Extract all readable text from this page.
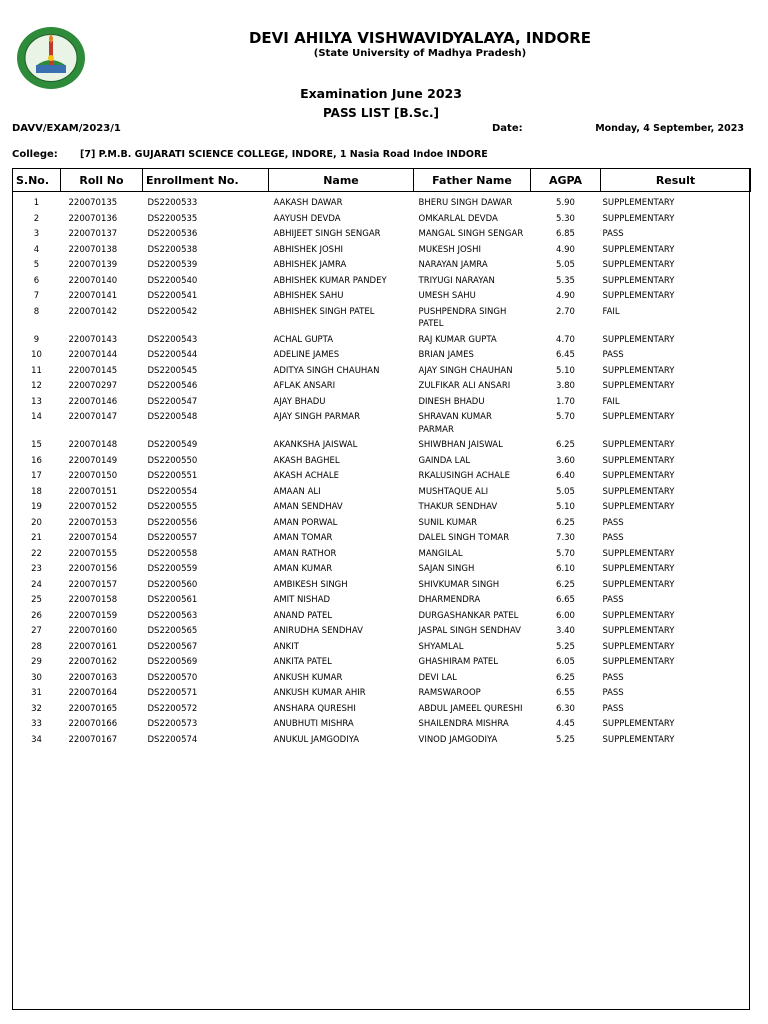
DEVI AHILYA VISHWAVIDYALAYA, INDORE
(State University of Madhya Pradesh)
Examination June 2023
PASS LIST [B.Sc.]
DAVV/EXAM/2023/1	Date:	Monday, 4 September, 2023
College: [7] P.M.B. GUJARATI SCIENCE COLLEGE, INDORE, 1 Nasia Road Indoe INDORE
S.No.	Roll No	Enrollment No.	Name	Father Name	AGPA	Result
1	220070135	DS2200533	AAKASH DAWAR	BHERU SINGH DAWAR	5.90	SUPPLEMENTARY
2	220070136	DS2200535	AAYUSH DEVDA	OMKARLAL DEVDA	5.30	SUPPLEMENTARY
3	220070137	DS2200536	ABHIJEET SINGH SENGAR	MANGAL SINGH SENGAR	6.85	PASS
4	220070138	DS2200538	ABHISHEK JOSHI	MUKESH JOSHI	4.90	SUPPLEMENTARY
5	220070139	DS2200539	ABHISHEK JAMRA	NARAYAN JAMRA	5.05	SUPPLEMENTARY
6	220070140	DS2200540	ABHISHEK KUMAR PANDEY	TRIYUGI NARAYAN	5.35	SUPPLEMENTARY
7	220070141	DS2200541	ABHISHEK SAHU	UMESH SAHU	4.90	SUPPLEMENTARY
8	220070142	DS2200542	ABHISHEK SINGH PATEL	PUSHPENDRA SINGH PATEL	2.70	FAIL
9	220070143	DS2200543	ACHAL GUPTA	RAJ KUMAR GUPTA	4.70	SUPPLEMENTARY
10	220070144	DS2200544	ADELINE JAMES	BRIAN JAMES	6.45	PASS
11	220070145	DS2200545	ADITYA SINGH CHAUHAN	AJAY SINGH CHAUHAN	5.10	SUPPLEMENTARY
12	220070297	DS2200546	AFLAK ANSARI	ZULFIKAR ALI ANSARI	3.80	SUPPLEMENTARY
13	220070146	DS2200547	AJAY BHADU	DINESH BHADU	1.70	FAIL
14	220070147	DS2200548	AJAY SINGH PARMAR	SHRAVAN KUMAR PARMAR	5.70	SUPPLEMENTARY
15	220070148	DS2200549	AKANKSHA JAISWAL	SHIWBHAN JAISWAL	6.25	SUPPLEMENTARY
16	220070149	DS2200550	AKASH BAGHEL	GAINDA LAL	3.60	SUPPLEMENTARY
17	220070150	DS2200551	AKASH ACHALE	RKALUSINGH ACHALE	6.40	SUPPLEMENTARY
18	220070151	DS2200554	AMAAN ALI	MUSHTAQUE ALI	5.05	SUPPLEMENTARY
19	220070152	DS2200555	AMAN SENDHAV	THAKUR SENDHAV	5.10	SUPPLEMENTARY
20	220070153	DS2200556	AMAN PORWAL	SUNIL KUMAR	6.25	PASS
21	220070154	DS2200557	AMAN TOMAR	DALEL SINGH TOMAR	7.30	PASS
22	220070155	DS2200558	AMAN RATHOR	MANGILAL	5.70	SUPPLEMENTARY
23	220070156	DS2200559	AMAN KUMAR	SAJAN SINGH	6.10	SUPPLEMENTARY
24	220070157	DS2200560	AMBIKESH SINGH	SHIVKUMAR SINGH	6.25	SUPPLEMENTARY
25	220070158	DS2200561	AMIT NISHAD	DHARMENDRA	6.65	PASS
26	220070159	DS2200563	ANAND PATEL	DURGASHANKAR PATEL	6.00	SUPPLEMENTARY
27	220070160	DS2200565	ANIRUDHA SENDHAV	JASPAL SINGH SENDHAV	3.40	SUPPLEMENTARY
28	220070161	DS2200567	ANKIT	SHYAMLAL	5.25	SUPPLEMENTARY
29	220070162	DS2200569	ANKITA PATEL	GHASHIRAM PATEL	6.05	SUPPLEMENTARY
30	220070163	DS2200570	ANKUSH KUMAR	DEVI LAL	6.25	PASS
31	220070164	DS2200571	ANKUSH KUMAR AHIR	RAMSWAROOP	6.55	PASS
32	220070165	DS2200572	ANSHARA QURESHI	ABDUL JAMEEL QURESHI	6.30	PASS
33	220070166	DS2200573	ANUBHUTI MISHRA	SHAILENDRA MISHRA	4.45	SUPPLEMENTARY
34	220070167	DS2200574	ANUKUL JAMGODIYA	VINOD JAMGODIYA	5.25	SUPPLEMENTARY
